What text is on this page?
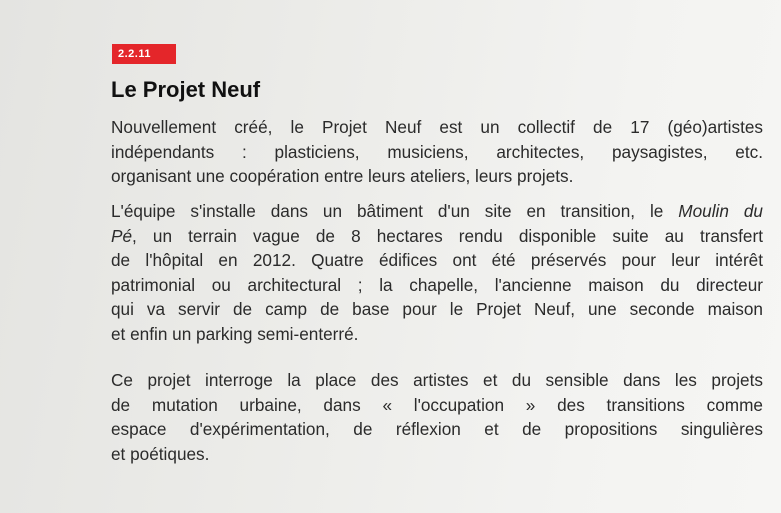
2.2.11
Le Projet Neuf
Nouvellement créé, le Projet Neuf est un collectif de 17 (géo)artistes
indépendants : plasticiens, musiciens, architectes, paysagistes, etc.
organisant une coopération entre leurs ateliers, leurs projets.
L'équipe s'installe dans un bâtiment d'un site en transition, le Moulin du
Pé, un terrain vague de 8 hectares rendu disponible suite au transfert
de l'hôpital en 2012. Quatre édifices ont été préservés pour leur intérêt
patrimonial ou architectural ; la chapelle, l'ancienne maison du directeur
qui va servir de camp de base pour le Projet Neuf, une seconde maison
et enfin un parking semi-enterré.
Ce projet interroge la place des artistes et du sensible dans les projets
de mutation urbaine, dans « l'occupation » des transitions comme
espace d'expérimentation, de réflexion et de propositions singulières
et poétiques.
